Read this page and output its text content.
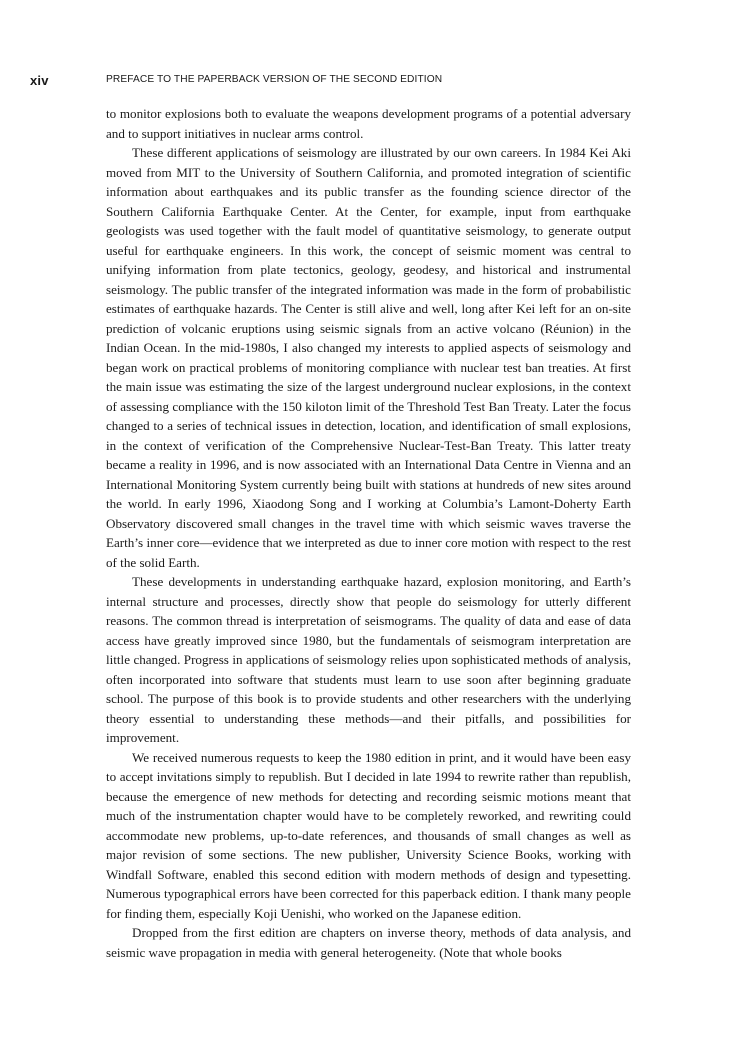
xiv	PREFACE TO THE PAPERBACK VERSION OF THE SECOND EDITION

to monitor explosions both to evaluate the weapons development programs of a potential adversary and to support initiatives in nuclear arms control.

These different applications of seismology are illustrated by our own careers. In 1984 Kei Aki moved from MIT to the University of Southern California, and promoted integration of scientific information about earthquakes and its public transfer as the founding science director of the Southern California Earthquake Center. At the Center, for example, input from earthquake geologists was used together with the fault model of quantitative seismology, to generate output useful for earthquake engineers. In this work, the concept of seismic moment was central to unifying information from plate tectonics, geology, geodesy, and historical and instrumental seismology. The public transfer of the integrated information was made in the form of probabilistic estimates of earthquake hazards. The Center is still alive and well, long after Kei left for an on-site prediction of volcanic eruptions using seismic signals from an active volcano (Réunion) in the Indian Ocean. In the mid-1980s, I also changed my interests to applied aspects of seismology and began work on practical problems of monitoring compliance with nuclear test ban treaties. At first the main issue was estimating the size of the largest underground nuclear explosions, in the context of assessing compliance with the 150 kiloton limit of the Threshold Test Ban Treaty. Later the focus changed to a series of technical issues in detection, location, and identification of small explosions, in the context of verification of the Comprehensive Nuclear-Test-Ban Treaty. This latter treaty became a reality in 1996, and is now associated with an International Data Centre in Vienna and an International Monitoring System currently being built with stations at hundreds of new sites around the world. In early 1996, Xiaodong Song and I working at Columbia’s Lamont-Doherty Earth Observatory discovered small changes in the travel time with which seismic waves traverse the Earth’s inner core—evidence that we interpreted as due to inner core motion with respect to the rest of the solid Earth.

These developments in understanding earthquake hazard, explosion monitoring, and Earth’s internal structure and processes, directly show that people do seismology for utterly different reasons. The common thread is interpretation of seismograms. The quality of data and ease of data access have greatly improved since 1980, but the fundamentals of seismogram interpretation are little changed. Progress in applications of seismology relies upon sophisticated methods of analysis, often incorporated into software that students must learn to use soon after beginning graduate school. The purpose of this book is to provide students and other researchers with the underlying theory essential to understanding these methods—and their pitfalls, and possibilities for improvement.

We received numerous requests to keep the 1980 edition in print, and it would have been easy to accept invitations simply to republish. But I decided in late 1994 to rewrite rather than republish, because the emergence of new methods for detecting and recording seismic motions meant that much of the instrumentation chapter would have to be completely reworked, and rewriting could accommodate new problems, up-to-date references, and thousands of small changes as well as major revision of some sections. The new publisher, University Science Books, working with Windfall Software, enabled this second edition with modern methods of design and typesetting. Numerous typographical errors have been corrected for this paperback edition. I thank many people for finding them, especially Koji Uenishi, who worked on the Japanese edition.

Dropped from the first edition are chapters on inverse theory, methods of data analysis, and seismic wave propagation in media with general heterogeneity. (Note that whole books
